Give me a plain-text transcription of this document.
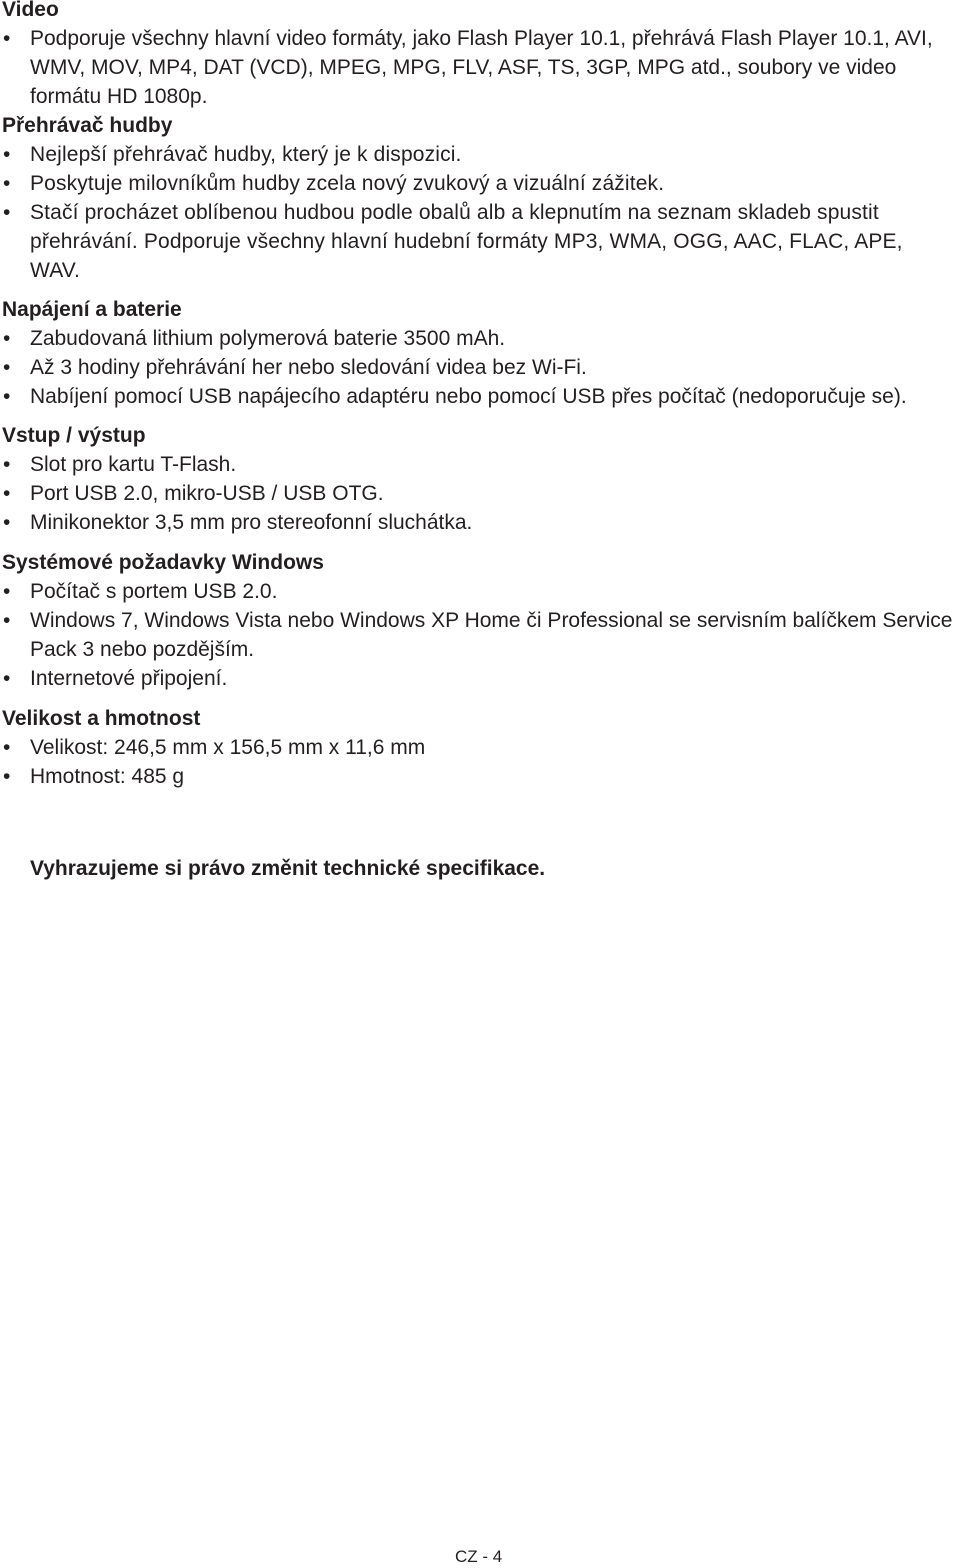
Video
• Podporuje všechny hlavní video formáty, jako Flash Player 10.1, přehrává Flash Player 10.1, AVI, WMV, MOV, MP4, DAT (VCD), MPEG, MPG, FLV, ASF, TS, 3GP, MPG atd., soubory ve video formátu HD 1080p.
Přehrávač hudby
• Nejlepší přehrávač hudby, který je k dispozici.
• Poskytuje milovníkům hudby zcela nový zvukový a vizuální zážitek.
• Stačí procházet oblíbenou hudbou podle obalů alb a klepnutím na seznam skladeb spustit přehrávání. Podporuje všechny hlavní hudební formáty MP3, WMA, OGG, AAC, FLAC, APE, WAV.
Napájení a baterie
• Zabudovaná lithium polymerová baterie 3500 mAh.
• Až 3 hodiny přehrávání her nebo sledování videa bez Wi-Fi.
• Nabíjení pomocí USB napájecího adaptéru nebo pomocí USB přes počítač (nedoporučuje se).
Vstup / výstup
• Slot pro kartu T-Flash.
• Port USB 2.0, mikro-USB / USB OTG.
• Minikonektor 3,5 mm pro stereofonní sluchátka.
Systémové požadavky Windows
• Počítač s portem USB 2.0.
• Windows 7, Windows Vista nebo Windows XP Home či Professional se servisním balíčkem Service Pack 3 nebo pozdějším.
• Internetové připojení.
Velikost a hmotnost
• Velikost: 246,5 mm x 156,5 mm x 11,6 mm
• Hmotnost: 485 g
Vyhrazujeme si právo změnit technické specifikace.
CZ - 4
